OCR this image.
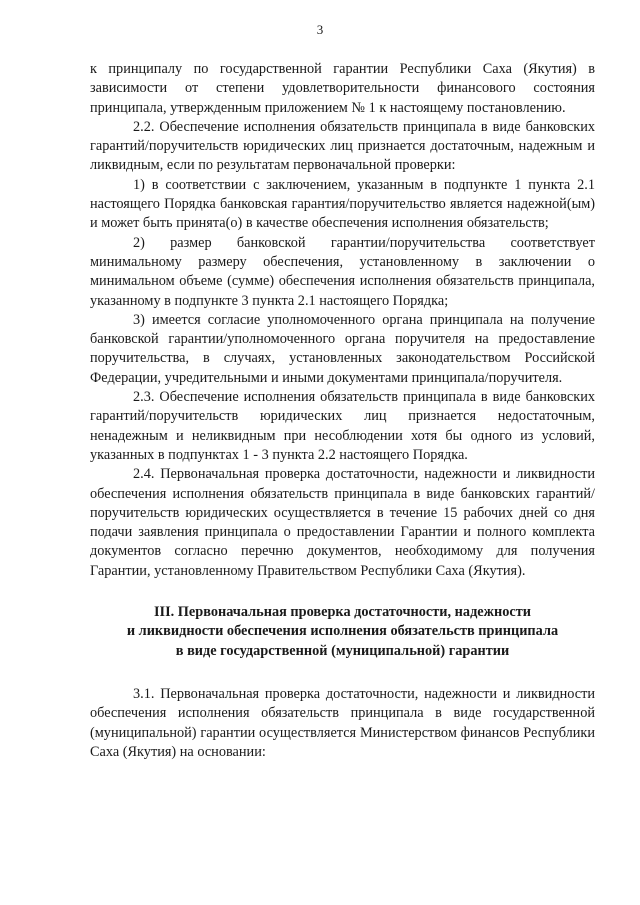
3

к принципалу по государственной гарантии Республики Саха (Якутия) в зависимости от степени удовлетворительности финансового состояния принципала, утвержденным приложением № 1 к настоящему постановлению.

2.2. Обеспечение исполнения обязательств принципала в виде банковских гарантий/поручительств юридических лиц признается достаточным, надежным и ликвидным, если по результатам первоначальной проверки:

1) в соответствии с заключением, указанным в подпункте 1 пункта 2.1 настоящего Порядка банковская гарантия/поручительство является надежной(ым) и может быть принята(о) в качестве обеспечения исполнения обязательств;

2) размер банковской гарантии/поручительства соответствует минимальному размеру обеспечения, установленному в заключении о минимальном объеме (сумме) обеспечения исполнения обязательств принципала, указанному в подпункте 3 пункта 2.1 настоящего Порядка;

3) имеется согласие уполномоченного органа принципала на получение банковской гарантии/уполномоченного органа поручителя на предоставление поручительства, в случаях, установленных законодательством Российской Федерации, учредительными и иными документами принципала/поручителя.

2.3. Обеспечение исполнения обязательств принципала в виде банковских гарантий/поручительств юридических лиц признается недостаточным, ненадежным и неликвидным при несоблюдении хотя бы одного из условий, указанных в подпунктах 1 - 3 пункта 2.2 настоящего Порядка.

2.4. Первоначальная проверка достаточности, надежности и ликвидности обеспечения исполнения обязательств принципала в виде банковских гарантий/поручительств юридических осуществляется в течение 15 рабочих дней со дня подачи заявления принципала о предоставлении Гарантии и полного комплекта документов согласно перечню документов, необходимому для получения Гарантии, установленному Правительством Республики Саха (Якутия).

III. Первоначальная проверка достаточности, надежности
и ликвидности обеспечения исполнения обязательств принципала
в виде государственной (муниципальной) гарантии

3.1. Первоначальная проверка достаточности, надежности и ликвидности обеспечения исполнения обязательств принципала в виде государственной (муниципальной) гарантии осуществляется Министерством финансов Республики Саха (Якутия) на основании:
